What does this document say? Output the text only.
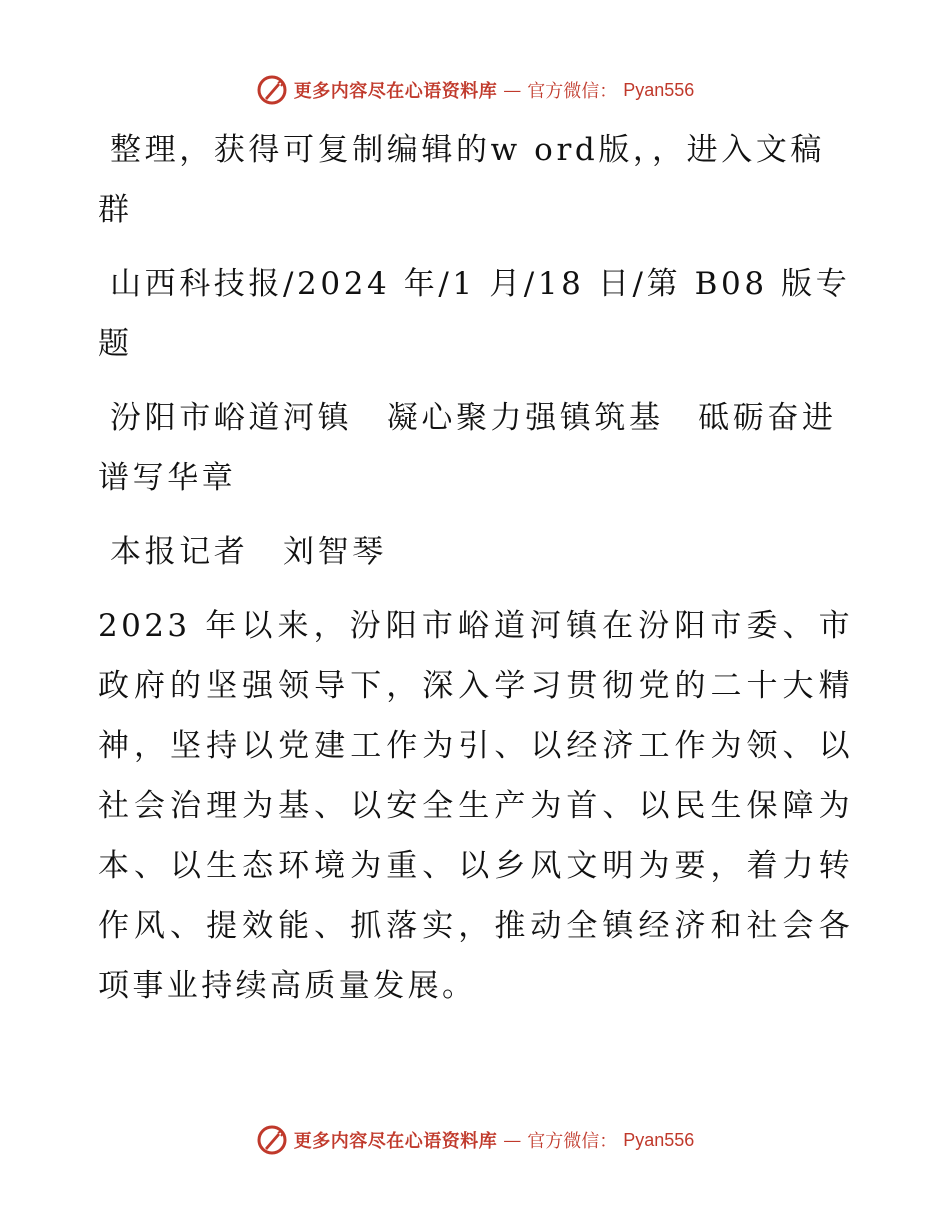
更多内容尽在心语资料库 — 官方微信： Pyan556

整理，获得可复制编辑的w ord版，，进入文稿群

山西科技报/2024 年/1 月/18 日/第 B08 版专题

汾阳市峪道河镇　凝心聚力强镇筑基　砥砺奋进谱写华章

本报记者　刘智琴

2023 年以来，汾阳市峪道河镇在汾阳市委、市政府的坚强领导下，深入学习贯彻党的二十大精神，坚持以党建工作为引、以经济工作为领、以社会治理为基、以安全生产为首、以民生保障为本、以生态环境为重、以乡风文明为要，着力转作风、提效能、抓落实，推动全镇经济和社会各项事业持续高质量发展。

更多内容尽在心语资料库 — 官方微信： Pyan556
